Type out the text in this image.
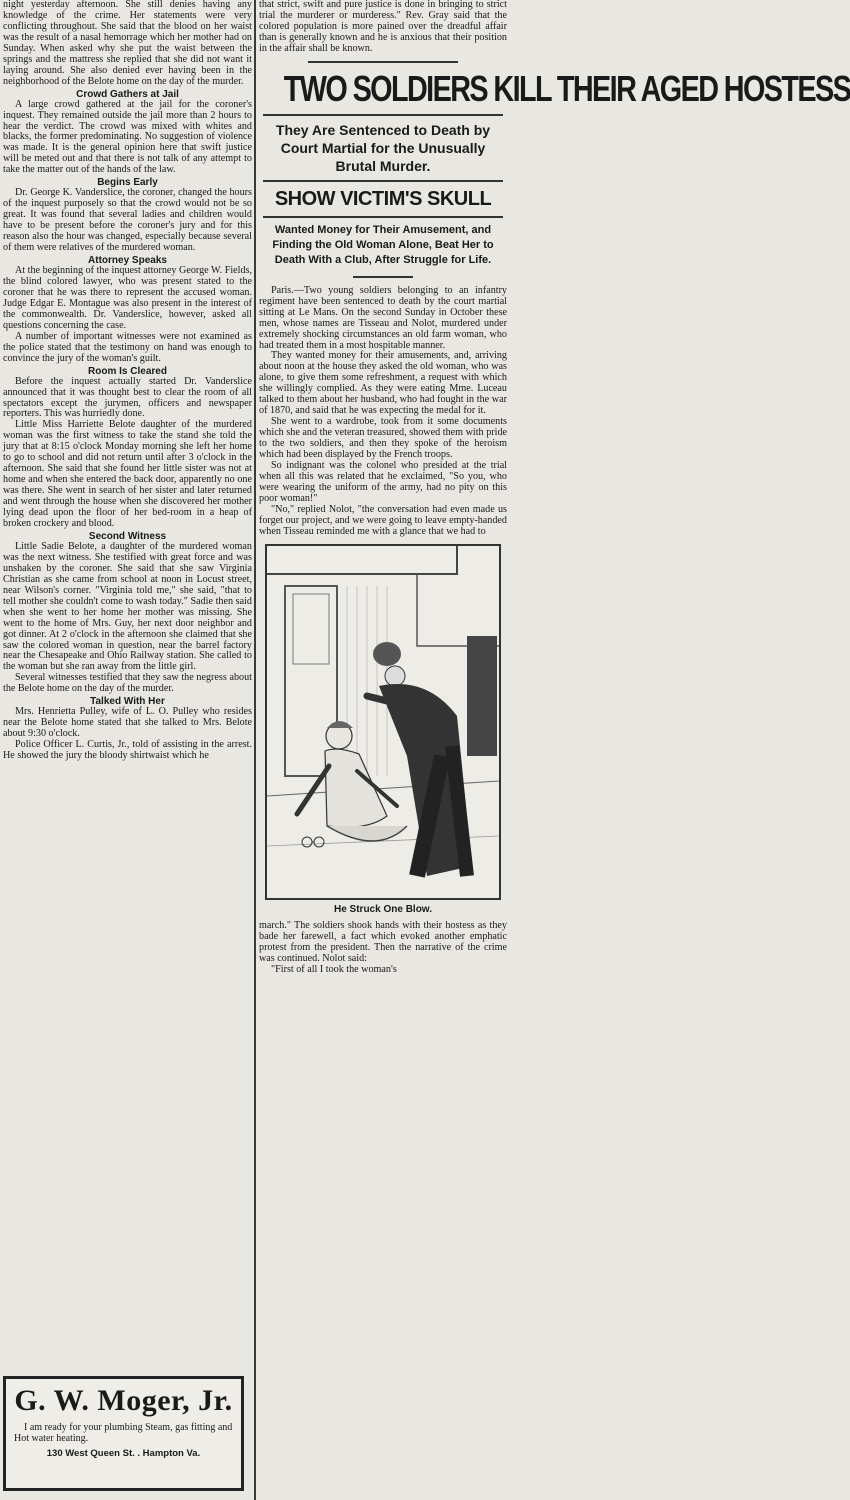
night yesterday afternoon. She still denies having any knowledge of the crime. Her statements were very conflicting throughout. She said that the blood on her waist was the result of a nasal hemorrage which her mother had on Sunday. When asked why she put the waist between the springs and the mattress she replied that she did not want it laying around. She also denied ever having been in the neighborhood of the Belote home on the day of the murder.

Crowd Gathers at Jail

A large crowd gathered at the jail for the coroner's inquest. They remained outside the jail more than 2 hours to hear the verdict. The crowd was mixed with whites and blacks, the former predominating. No suggestion of violence was made. It is the general opinion here that swift justice will be meted out and that there is not talk of any attempt to take the matter out of the hands of the law.

Begins Early

Dr. George K. Vanderslice, the coroner, changed the hours of the inquest purposely so that the crowd would not be so great. It was found that several ladies and children would have to be present before the coroner's jury and for this reason also the hour was changed, especially because several of them were relatives of the murdered woman.

Attorney Speaks

At the beginning of the inquest attorney George W. Fields, the blind colored lawyer, who was present stated to the coroner that he was there to represent the accused woman. Judge Edgar E. Montague was also present in the interest of the commonwealth. Dr. Vanderslice, however, asked all questions concerning the case.

A number of important witnesses were not examined as the police stated that the testimony on hand was enough to convince the jury of the woman's guilt.

Room Is Cleared

Before the inquest actually started Dr. Vanderslice announced that it was thought best to clear the room of all spectators except the jurymen, officers and newspaper reporters. This was hurriedly done.

Little Miss Harriette Belote daughter of the murdered woman was the first witness to take the stand she told the jury that at 8:15 o'clock Monday morning she left her home to go to school and did not return until after 3 o'clock in the afternoon. She said that she found her little sister was not at home and when she entered the back door, apparently no one was there. She went in search of her sister and later returned and went through the house when she discovered her mother lying dead upon the floor of her bed-room in a heap of broken crockery and blood.

Second Witness

Little Sadie Belote, a daughter of the murdered woman was the next witness. She testified with great force and was unshaken by the coroner. She said that she saw Virginia Christian as she came from school at noon in Locust street, near Wilson's corner. "Virginia told me," she said, "that to tell mother she couldn't come to wash today." Sadie then said when she went to her home her mother was missing. She went to the home of Mrs. Guy, her next door neighbor and got dinner. At 2 o'clock in the afternoon she claimed that she saw the colored woman in question, near the barrel factory near the Chesapeake and Ohio Railway station. She called to the woman but she ran away from the little girl.

Several witnesses testified that they saw the negress about the Belote home on the day of the murder.

Talked With Her

Mrs. Henrietta Pulley, wife of L. O. Pulley who resides near the Belote home stated that she talked to Mrs. Belote about 9:30 o'clock.

Police Officer L. Curtis, Jr., told of assisting in the arrest. He showed the jury the bloody shirtwaist which he

G. W. Moger, Jr.

I am ready for your plumbing Steam, gas fitting and Hot water heating.

130 West Queen St. . Hampton Va.

that strict, swift and pure justice is done in bringing to strict trial the murderer or murderess." Rev. Gray said that the colored population is more pained over the dreadful affair than is generally known and he is anxious that their position in the affair shall be known.

TWO SOLDIERS KILL THEIR AGED HOSTESS

They Are Sentenced to Death by Court Martial for the Unusually Brutal Murder.

SHOW VICTIM'S SKULL

Wanted Money for Their Amusement, and Finding the Old Woman Alone, Beat Her to Death With a Club, After Struggle for Life.

Paris.—Two young soldiers belonging to an infantry regiment have been sentenced to death by the court martial sitting at Le Mans. On the second Sunday in October these men, whose names are Tisseau and Nolot, murdered under extremely shocking circumstances an old farm woman, who had treated them in a most hospitable manner.

They wanted money for their amusements, and, arriving about noon at the house they asked the old woman, who was alone, to give them some refreshment, a request with which she willingly complied. As they were eating Mme. Luceau talked to them about her husband, who had fought in the war of 1870, and said that he was expecting the medal for it.

She went to a wardrobe, took from it some documents which she and the veteran treasured, showed them with pride to the two soldiers, and then they spoke of the heroism which had been displayed by the French troops.

So indignant was the colonel who presided at the trial when all this was related that he exclaimed, "So you, who were wearing the uniform of the army, had no pity on this poor woman!"

"No," replied Nolot, "the conversation had even made us forget our project, and we were going to leave empty-handed when Tisseau reminded me with a glance that we had to

He Struck One Blow.

march." The soldiers shook hands with their hostess as they bade her farewell, a fact which evoked another emphatic protest from the president. Then the narrative of the crime was continued. Nolot said:

"First of all I took the woman's
